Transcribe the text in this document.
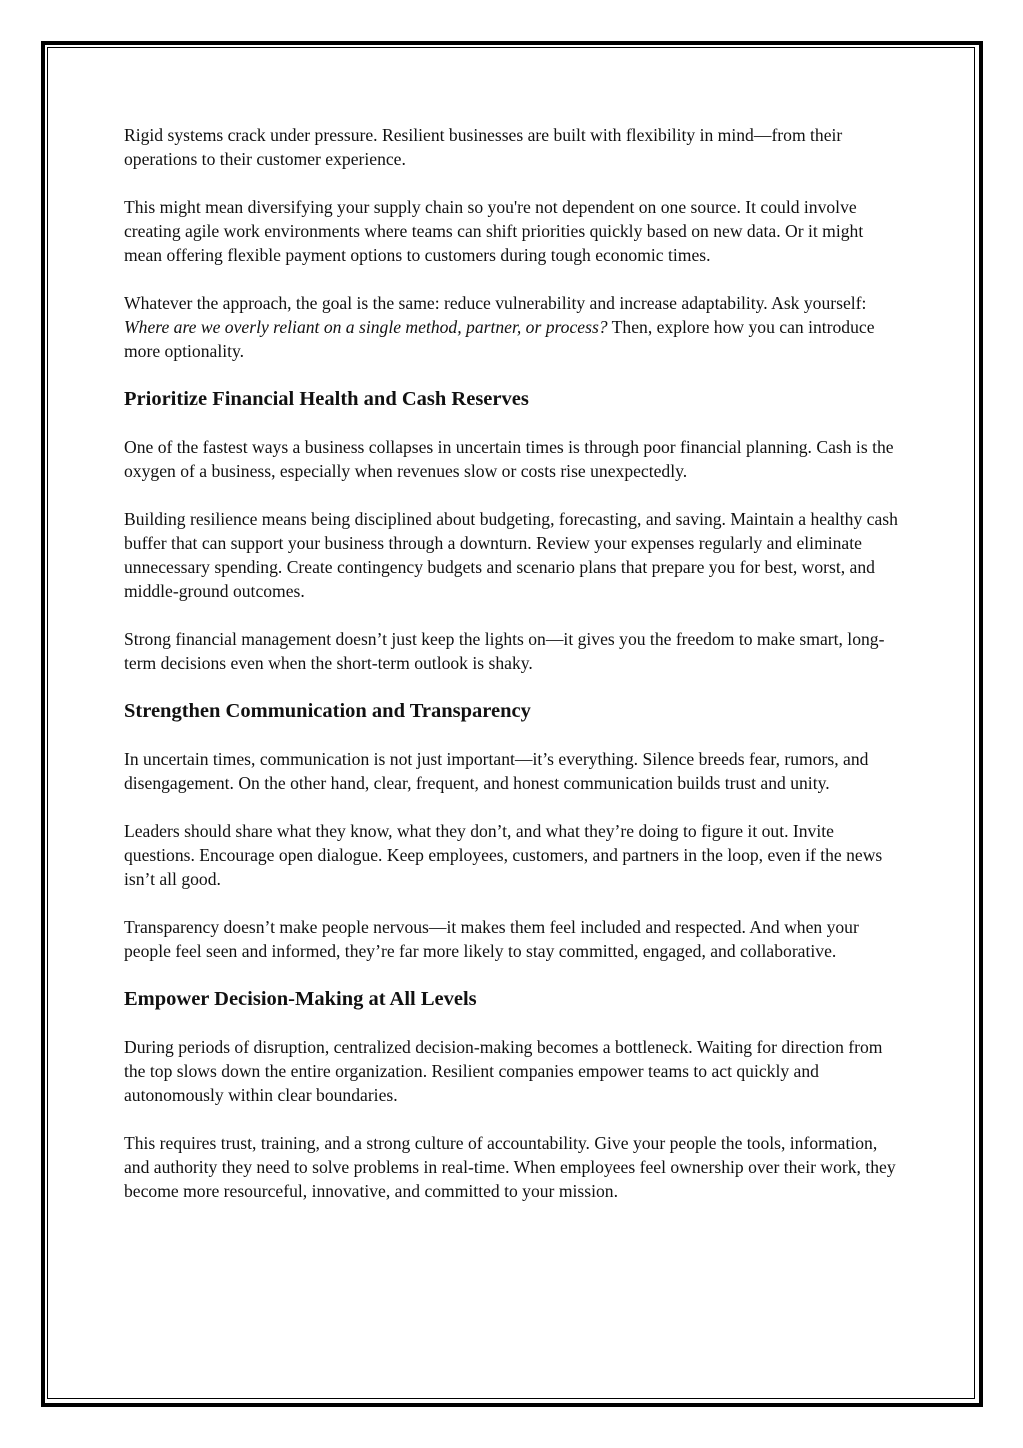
Rigid systems crack under pressure. Resilient businesses are built with flexibility in mind—from their operations to their customer experience.

This might mean diversifying your supply chain so you're not dependent on one source. It could involve creating agile work environments where teams can shift priorities quickly based on new data. Or it might mean offering flexible payment options to customers during tough economic times.

Whatever the approach, the goal is the same: reduce vulnerability and increase adaptability. Ask yourself: Where are we overly reliant on a single method, partner, or process? Then, explore how you can introduce more optionality.

Prioritize Financial Health and Cash Reserves

One of the fastest ways a business collapses in uncertain times is through poor financial planning. Cash is the oxygen of a business, especially when revenues slow or costs rise unexpectedly.

Building resilience means being disciplined about budgeting, forecasting, and saving. Maintain a healthy cash buffer that can support your business through a downturn. Review your expenses regularly and eliminate unnecessary spending. Create contingency budgets and scenario plans that prepare you for best, worst, and middle-ground outcomes.

Strong financial management doesn’t just keep the lights on—it gives you the freedom to make smart, long-term decisions even when the short-term outlook is shaky.

Strengthen Communication and Transparency

In uncertain times, communication is not just important—it’s everything. Silence breeds fear, rumors, and disengagement. On the other hand, clear, frequent, and honest communication builds trust and unity.

Leaders should share what they know, what they don’t, and what they’re doing to figure it out. Invite questions. Encourage open dialogue. Keep employees, customers, and partners in the loop, even if the news isn’t all good.

Transparency doesn’t make people nervous—it makes them feel included and respected. And when your people feel seen and informed, they’re far more likely to stay committed, engaged, and collaborative.

Empower Decision-Making at All Levels

During periods of disruption, centralized decision-making becomes a bottleneck. Waiting for direction from the top slows down the entire organization. Resilient companies empower teams to act quickly and autonomously within clear boundaries.

This requires trust, training, and a strong culture of accountability. Give your people the tools, information, and authority they need to solve problems in real-time. When employees feel ownership over their work, they become more resourceful, innovative, and committed to your mission.
